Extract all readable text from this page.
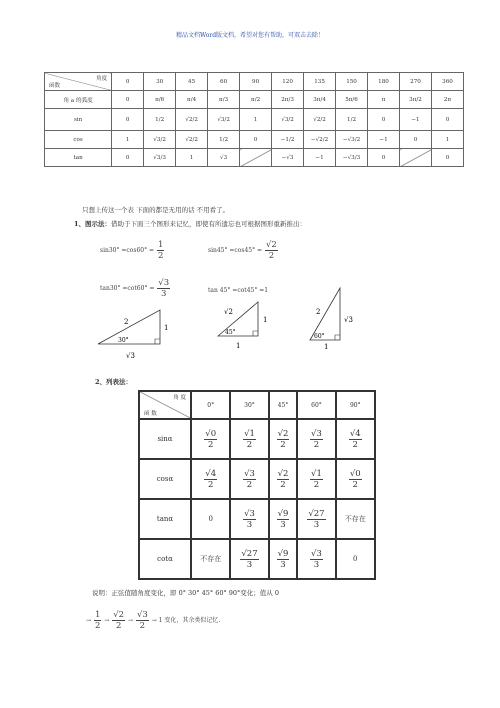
精品文档Word版文档，希望对您有帮助，可双击去除！
角度
函数	0	30	45	60	90	120	135	150	180	270	360
角 a 的弧度	0	π/6	π/4	π/3	π/2	2π/3	3π/4	5π/6	π	3π/2	2π
sin	0	1/2	√2/2	√3/2	1	√3/2	√2/2	1/2	0	−1	0
cos	1	√3/2	√2/2	1/2	0	−1/2	−√2/2	−√3/2	−1	0	1
tan	0	√3/3	1	√3		−√3	−1	−√3/3	0		0
只想上传这一个表 下面的都是无用的话 不用看了。
1、图示法：借助于下面三个图形来记忆，即使有所遗忘也可根据图形重新推出：
$\sin 30^\circ =\cos 60^\circ = \frac{1}{2}$	$\sin 45^\circ =\cos 45^\circ = \frac{√2}{2}$
$\tan 30^\circ =\cot 60^\circ = \frac{√3}{3}$	tan 45° =cot45° =1
2
1
30°
√3
√2
1
45°
1
2
√3
60°
1
2、列表法：
角 度
函 数	0°	30°	45°	60°	90°
sinα	$\frac{√0}{2}$	$\frac{√1}{2}$	$\frac{√2}{2}$	$\frac{√3}{2}$	$\frac{√4}{2}$

cosα	$\frac{√4}{2}$	$\frac{√3}{2}$	$\frac{√2}{2}$	$\frac{√1}{2}$	$\frac{√0}{2}$

tanα	0	$\frac{√3}{3}$	$\frac{√9}{3}$	$\frac{√27}{3}$	不存在
cotα	不存在	$\frac{√27}{3}$	$\frac{√9}{3}$	$\frac{√3}{3}$	0
说明：正弦值随角度变化，即 0° 30° 45° 60° 90°变化；值从 0
→ $\frac{1}{2} \to \frac{√2}{2} \to \frac{√3}{2} \to 1$ 变化，其余类似记忆.
